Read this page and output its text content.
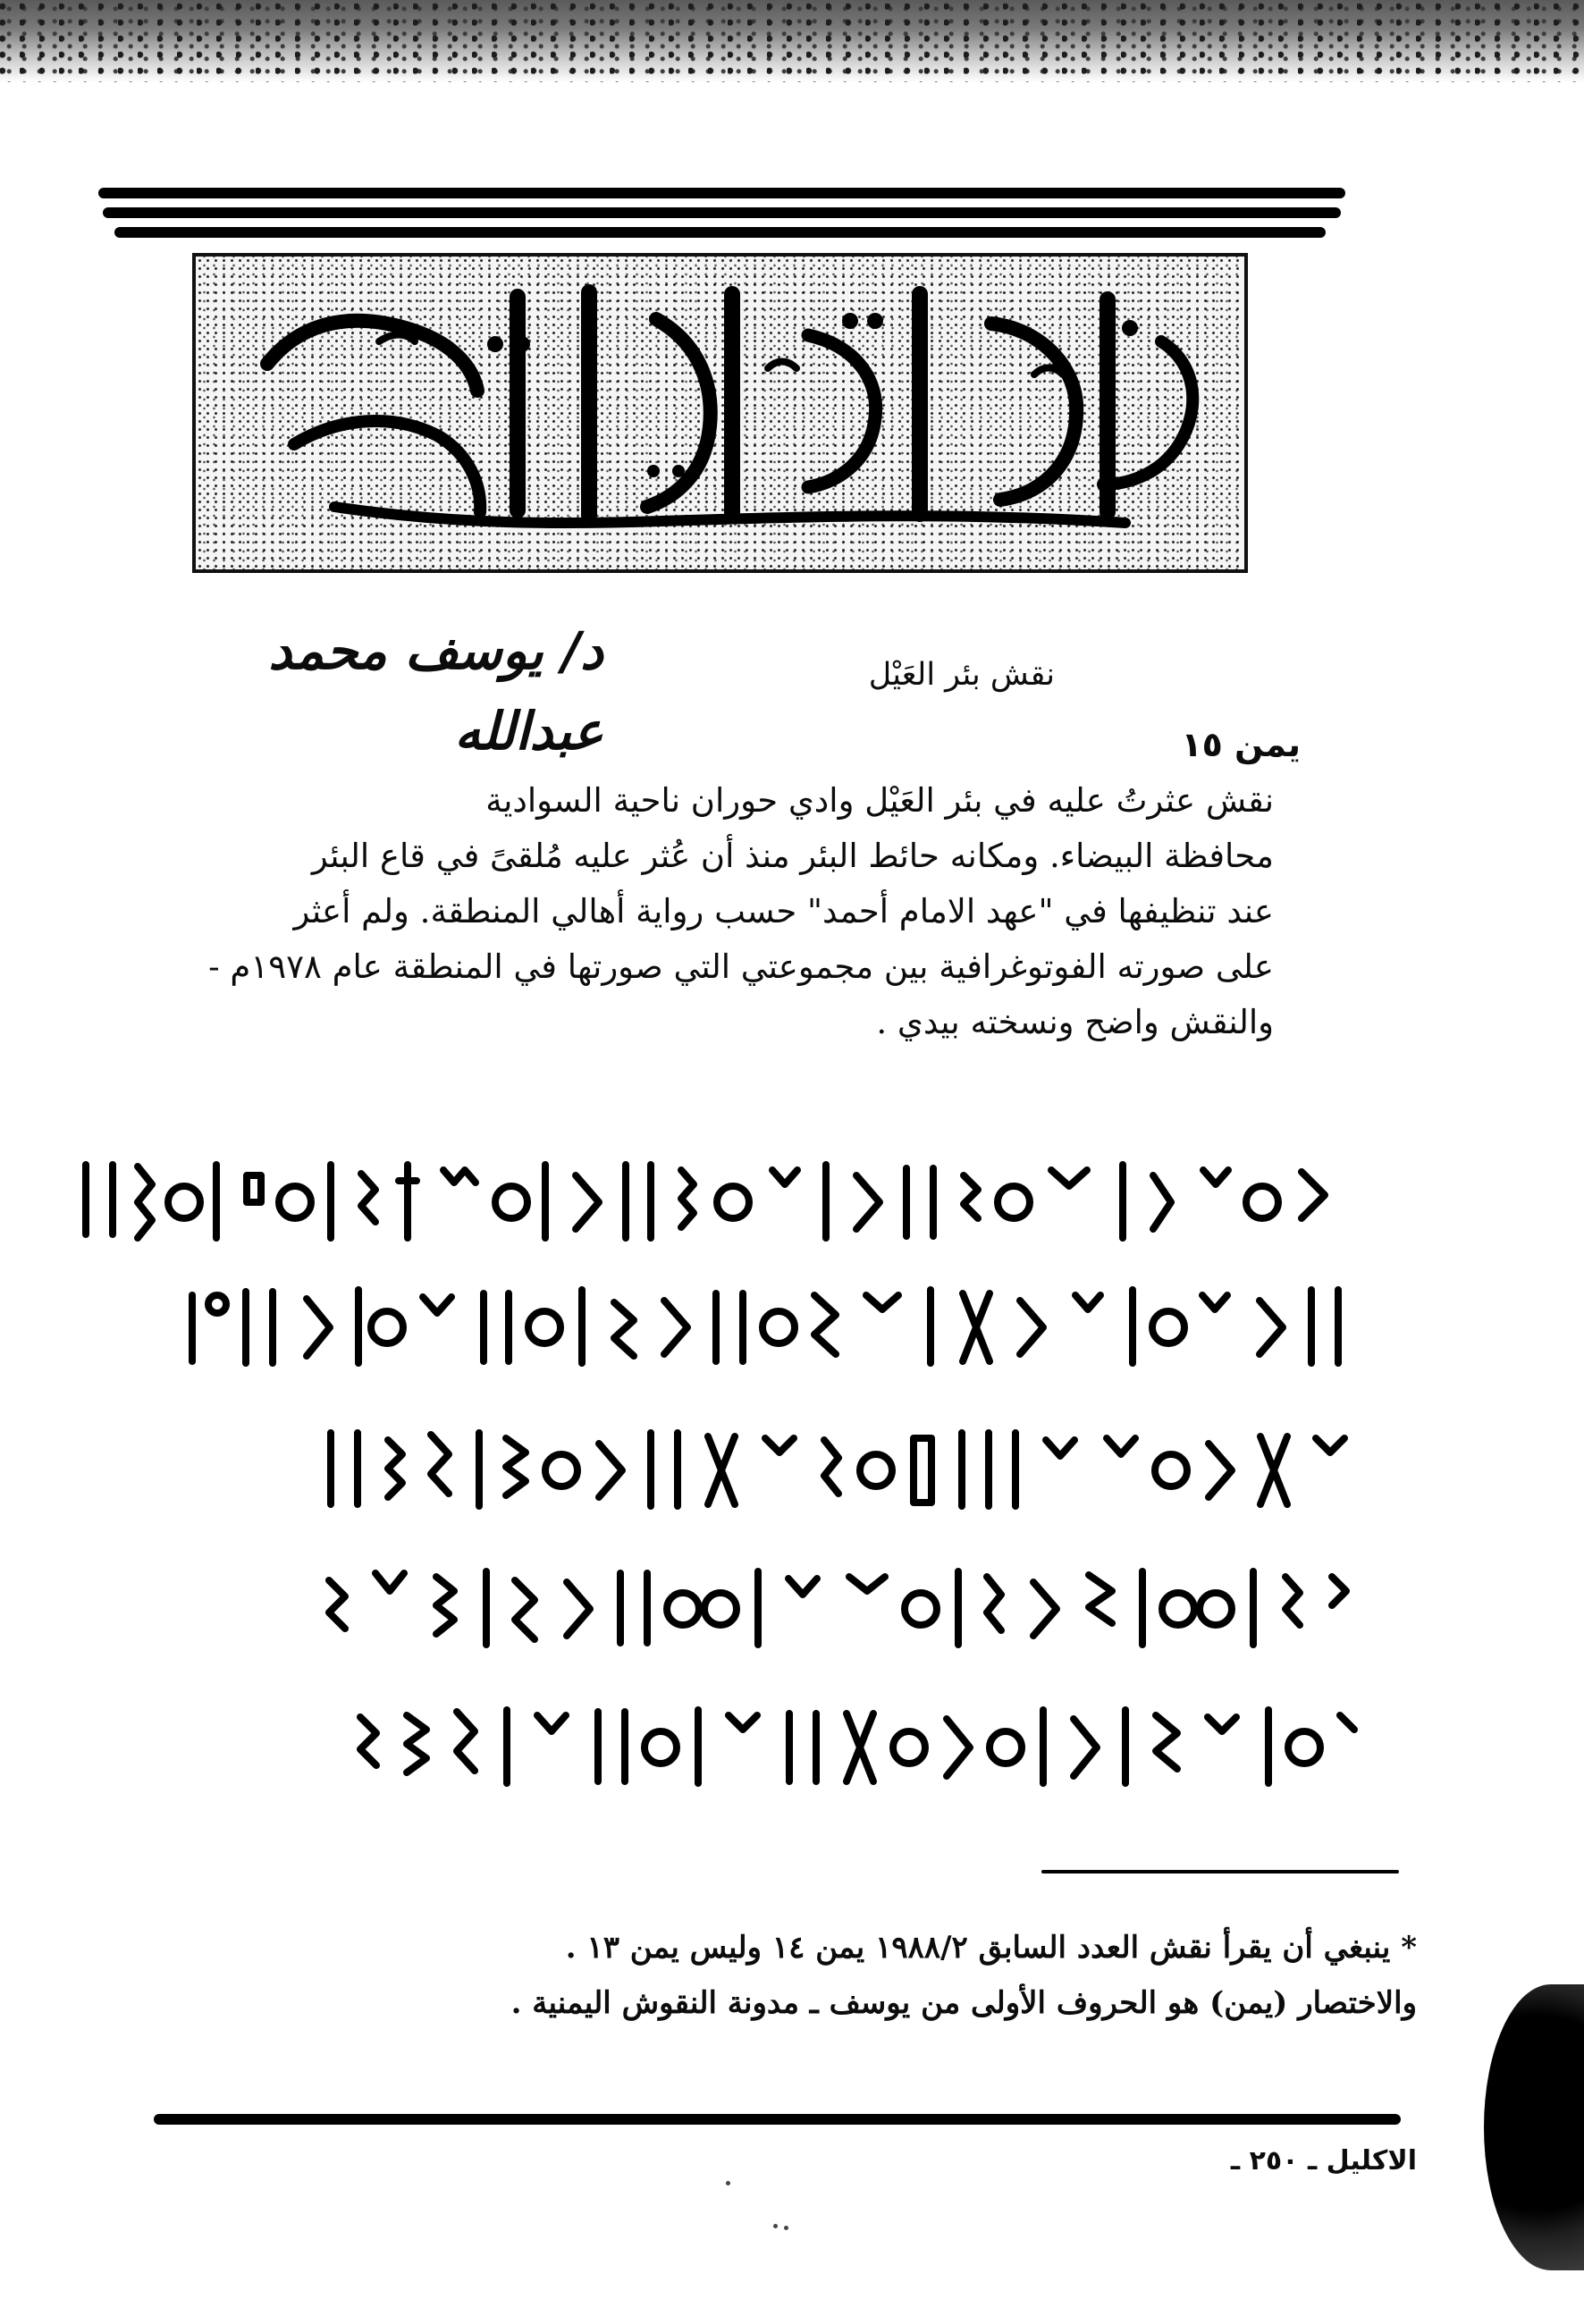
د/ يوسف محمد عبدالله
نقش بئر العَيْل
يمن ١٥
نقش عثرتُ عليه في بئر العَيْل وادي حوران ناحية السوادية
محافظة البيضاء. ومكانه حائط البئر منذ أن عُثر عليه مُلقىً في قاع البئر
عند تنظيفها في "عهد الامام أحمد" حسب رواية أهالي المنطقة. ولم أعثر
على صورته الفوتوغرافية بين مجموعتي التي صورتها في المنطقة عام ١٩٧٨م -
والنقش واضح ونسخته بيدي .
* ينبغي أن يقرأ نقش العدد السابق ١٩٨٨/٢ يمن ١٤ وليس يمن ١٣ .
والاختصار (يمن) هو الحروف الأولى من يوسف ـ مدونة النقوش اليمنية .
الاكليل ـ ٢٥٠ ـ
